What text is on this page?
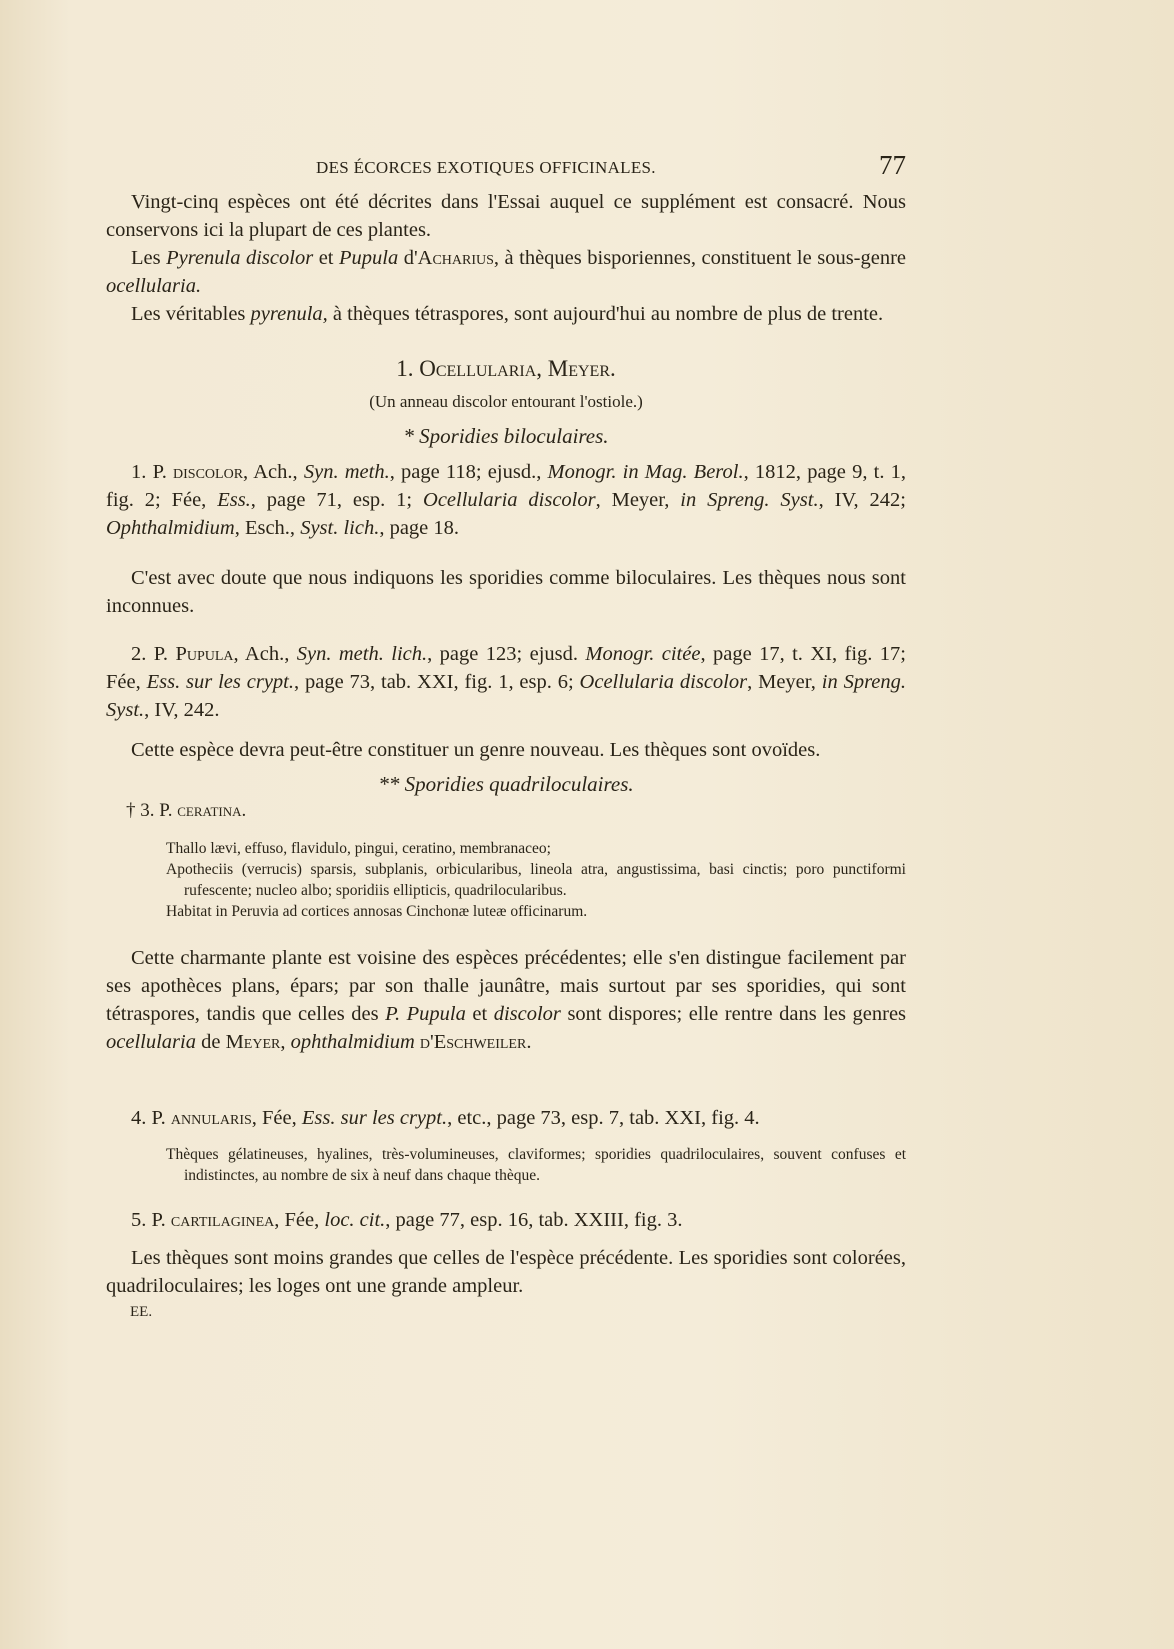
DES ÉCORCES EXOTIQUES OFFICINALES.	77

Vingt-cinq espèces ont été décrites dans l'Essai auquel ce supplément est consacré. Nous conservons ici la plupart de ces plantes.

Les Pyrenula discolor et Pupula d'Acharius, à thèques bisporiennes, constituent le sous-genre ocellularia.

Les véritables pyrenula, à thèques tétraspores, sont aujourd'hui au nombre de plus de trente.

1. Ocellularia, Meyer.
(Un anneau discolor entourant l'ostiole.)
* Sporidies biloculaires.

1. P. discolor, Ach., Syn. meth., page 118; ejusd., Monogr. in Mag. Berol., 1812, page 9, t. 1, fig. 2; Fée, Ess., page 71, esp. 1; Ocellularia discolor, Meyer, in Spreng. Syst., IV, 242; Ophthalmidium, Esch., Syst. lich., page 18.

C'est avec doute que nous indiquons les sporidies comme biloculaires. Les thèques nous sont inconnues.

2. P. Pupula, Ach., Syn. meth. lich., page 123; ejusd. Monogr. citée, page 17, t. XI, fig. 17; Fée, Ess. sur les crypt., page 73, tab. XXI, fig. 1, esp. 6; Ocellularia discolor, Meyer, in Spreng. Syst., IV, 242.

Cette espèce devra peut-être constituer un genre nouveau. Les thèques sont ovoïdes.

** Sporidies quadriloculaires.
† 3. P. ceratina.

Thallo lævi, effuso, flavidulo, pingui, ceratino, membranaceo;

Apotheciis (verrucis) sparsis, subplanis, orbicularibus, lineola atra, angustissima, basi cinctis; poro punctiformi rufescente; nucleo albo; sporidiis ellipticis, quadrilocularibus.

Habitat in Peruvia ad cortices annosas Cinchonæ luteæ officinarum.

Cette charmante plante est voisine des espèces précédentes; elle s'en distingue facilement par ses apothèces plans, épars; par son thalle jaunâtre, mais surtout par ses sporidies, qui sont tétraspores, tandis que celles des P. Pupula et discolor sont dispores; elle rentre dans les genres ocellularia de Meyer, ophthalmidium d'Eschweiler.

4. P. annularis, Fée, Ess. sur les crypt., etc., page 73, esp. 7, tab. XXI, fig. 4.

Thèques gélatineuses, hyalines, très-volumineuses, claviformes; sporidies quadriloculaires, souvent confuses et indistinctes, au nombre de six à neuf dans chaque thèque.

5. P. cartilaginea, Fée, loc. cit., page 77, esp. 16, tab. XXIII, fig. 3.

Les thèques sont moins grandes que celles de l'espèce précédente. Les sporidies sont colorées, quadriloculaires; les loges ont une grande ampleur.

EE.
